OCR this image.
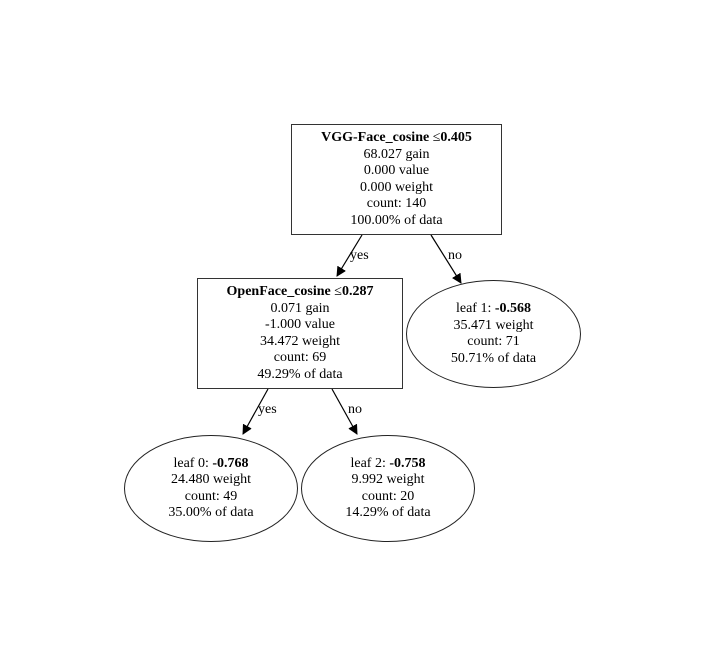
yes	no
yes	no
VGG-Face_cosine ≤0.405
68.027 gain
0.000 value
0.000 weight
count: 140
100.00% of data
OpenFace_cosine ≤0.287
0.071 gain
-1.000 value
34.472 weight
count: 69
49.29% of data
leaf 1: -0.568
35.471 weight
count: 71
50.71% of data
leaf 0: -0.768
24.480 weight
count: 49
35.00% of data
leaf 2: -0.758
9.992 weight
count: 20
14.29% of data
